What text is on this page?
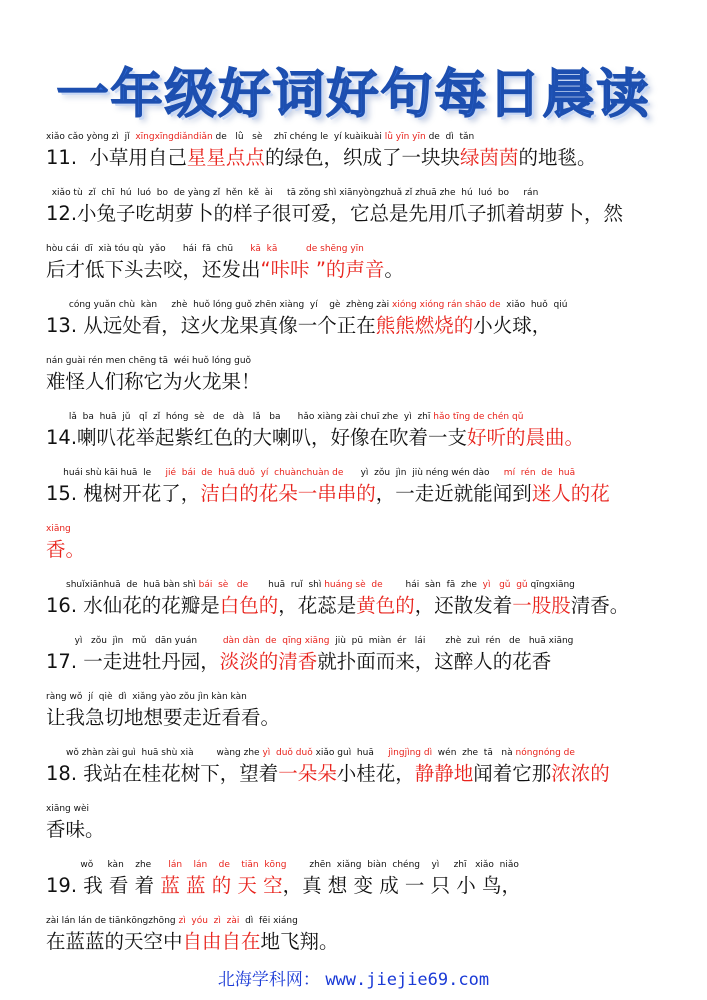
一年级好词好句每日晨读
xiǎo cǎo yòng zì  jǐ  xīngxīngdiǎndiǎn de   lǜ   sè    zhī chéng le  yí kuàikuài lǜ yīn yīn de  dì  tǎn
11.  小草用自己星星点点的绿色，织成了一块块绿茵茵的地毯。
xiǎo tù  zǐ  chī  hú  luó  bo  de yàng zǐ  hěn  kě  ài     tā zǒng shì xiānyòngzhuǎ zǐ zhuā zhe  hú  luó  bo     rán
12.小兔子吃胡萝卜的样子很可爱，它总是先用爪子抓着胡萝卜，然
hòu cái  dī  xià tóu qù  yǎo      hái  fā  chū      kā  kā	de shēng yīn
后才低下头去咬，还发出“咔咔 ”的声音。
cóng yuǎn chù  kàn     zhè  huǒ lóng guǒ zhēn xiàng  yí    gè  zhèng zài xióng xióng rán shāo de  xiǎo  huǒ  qiú
13. 从远处看，这火龙果真像一个正在熊熊燃烧的小火球，
nán guài rén men chēng tā  wéi huǒ lóng guǒ
难怪人们称它为火龙果！
lǎ  ba  huā  jǔ   qǐ  zǐ  hóng  sè   de   dà   lǎ   ba      hǎo xiàng zài chuī zhe  yì  zhī hǎo tīng de chén qǔ
14.喇叭花举起紫红色的大喇叭，好像在吹着一支好听的晨曲。
huái shù kāi huā  le     jié  bái  de  huā duǒ  yí  chuànchuàn de      yì  zǒu  jìn  jiù néng wén dào     mí  rén  de  huā
15. 槐树开花了，洁白的花朵一串串的，一走近就能闻到迷人的花
xiāng
香。
shuǐxiānhuā  de  huā bàn shì bái  sè   de       huā  ruǐ  shì huáng sè  de        hái  sàn  fā  zhe  yì   gǔ  gǔ qīngxiāng
16. 水仙花的花瓣是白色的，花蕊是黄色的，还散发着一股股清香。
yì   zǒu  jìn   mǔ   dān yuán         dàn dàn  de  qīng xiāng  jiù  pū  miàn  ér   lái       zhè  zuì  rén   de   huā xiāng
17. 一走进牡丹园，淡淡的清香就扑面而来，这醉人的花香
ràng wǒ  jí  qiè  dì  xiǎng yào zǒu jìn kàn kàn
让我急切地想要走近看看。
wǒ zhàn zài guì  huā shù xià        wàng zhe yì  duǒ duǒ xiǎo guì  huā     jìngjìng dì  wén  zhe  tā   nà nóngnóng de
18. 我站在桂花树下，望着一朵朵小桂花，静静地闻着它那浓浓的
xiāng wèi
香味。
wǒ     kàn    zhe      lán    lán    de    tiān  kōng        zhēn  xiǎng  biàn  chéng    yì     zhī   xiǎo  niǎo
19. 我 看 着 蓝 蓝 的 天 空，真 想 变 成 一 只 小 鸟，
zài lán lán de tiānkōngzhōng zì  yóu  zì  zài  dì  fēi xiáng
在蓝蓝的天空中自由自在地飞翔。
北海学科网： www.jiejie69.com
